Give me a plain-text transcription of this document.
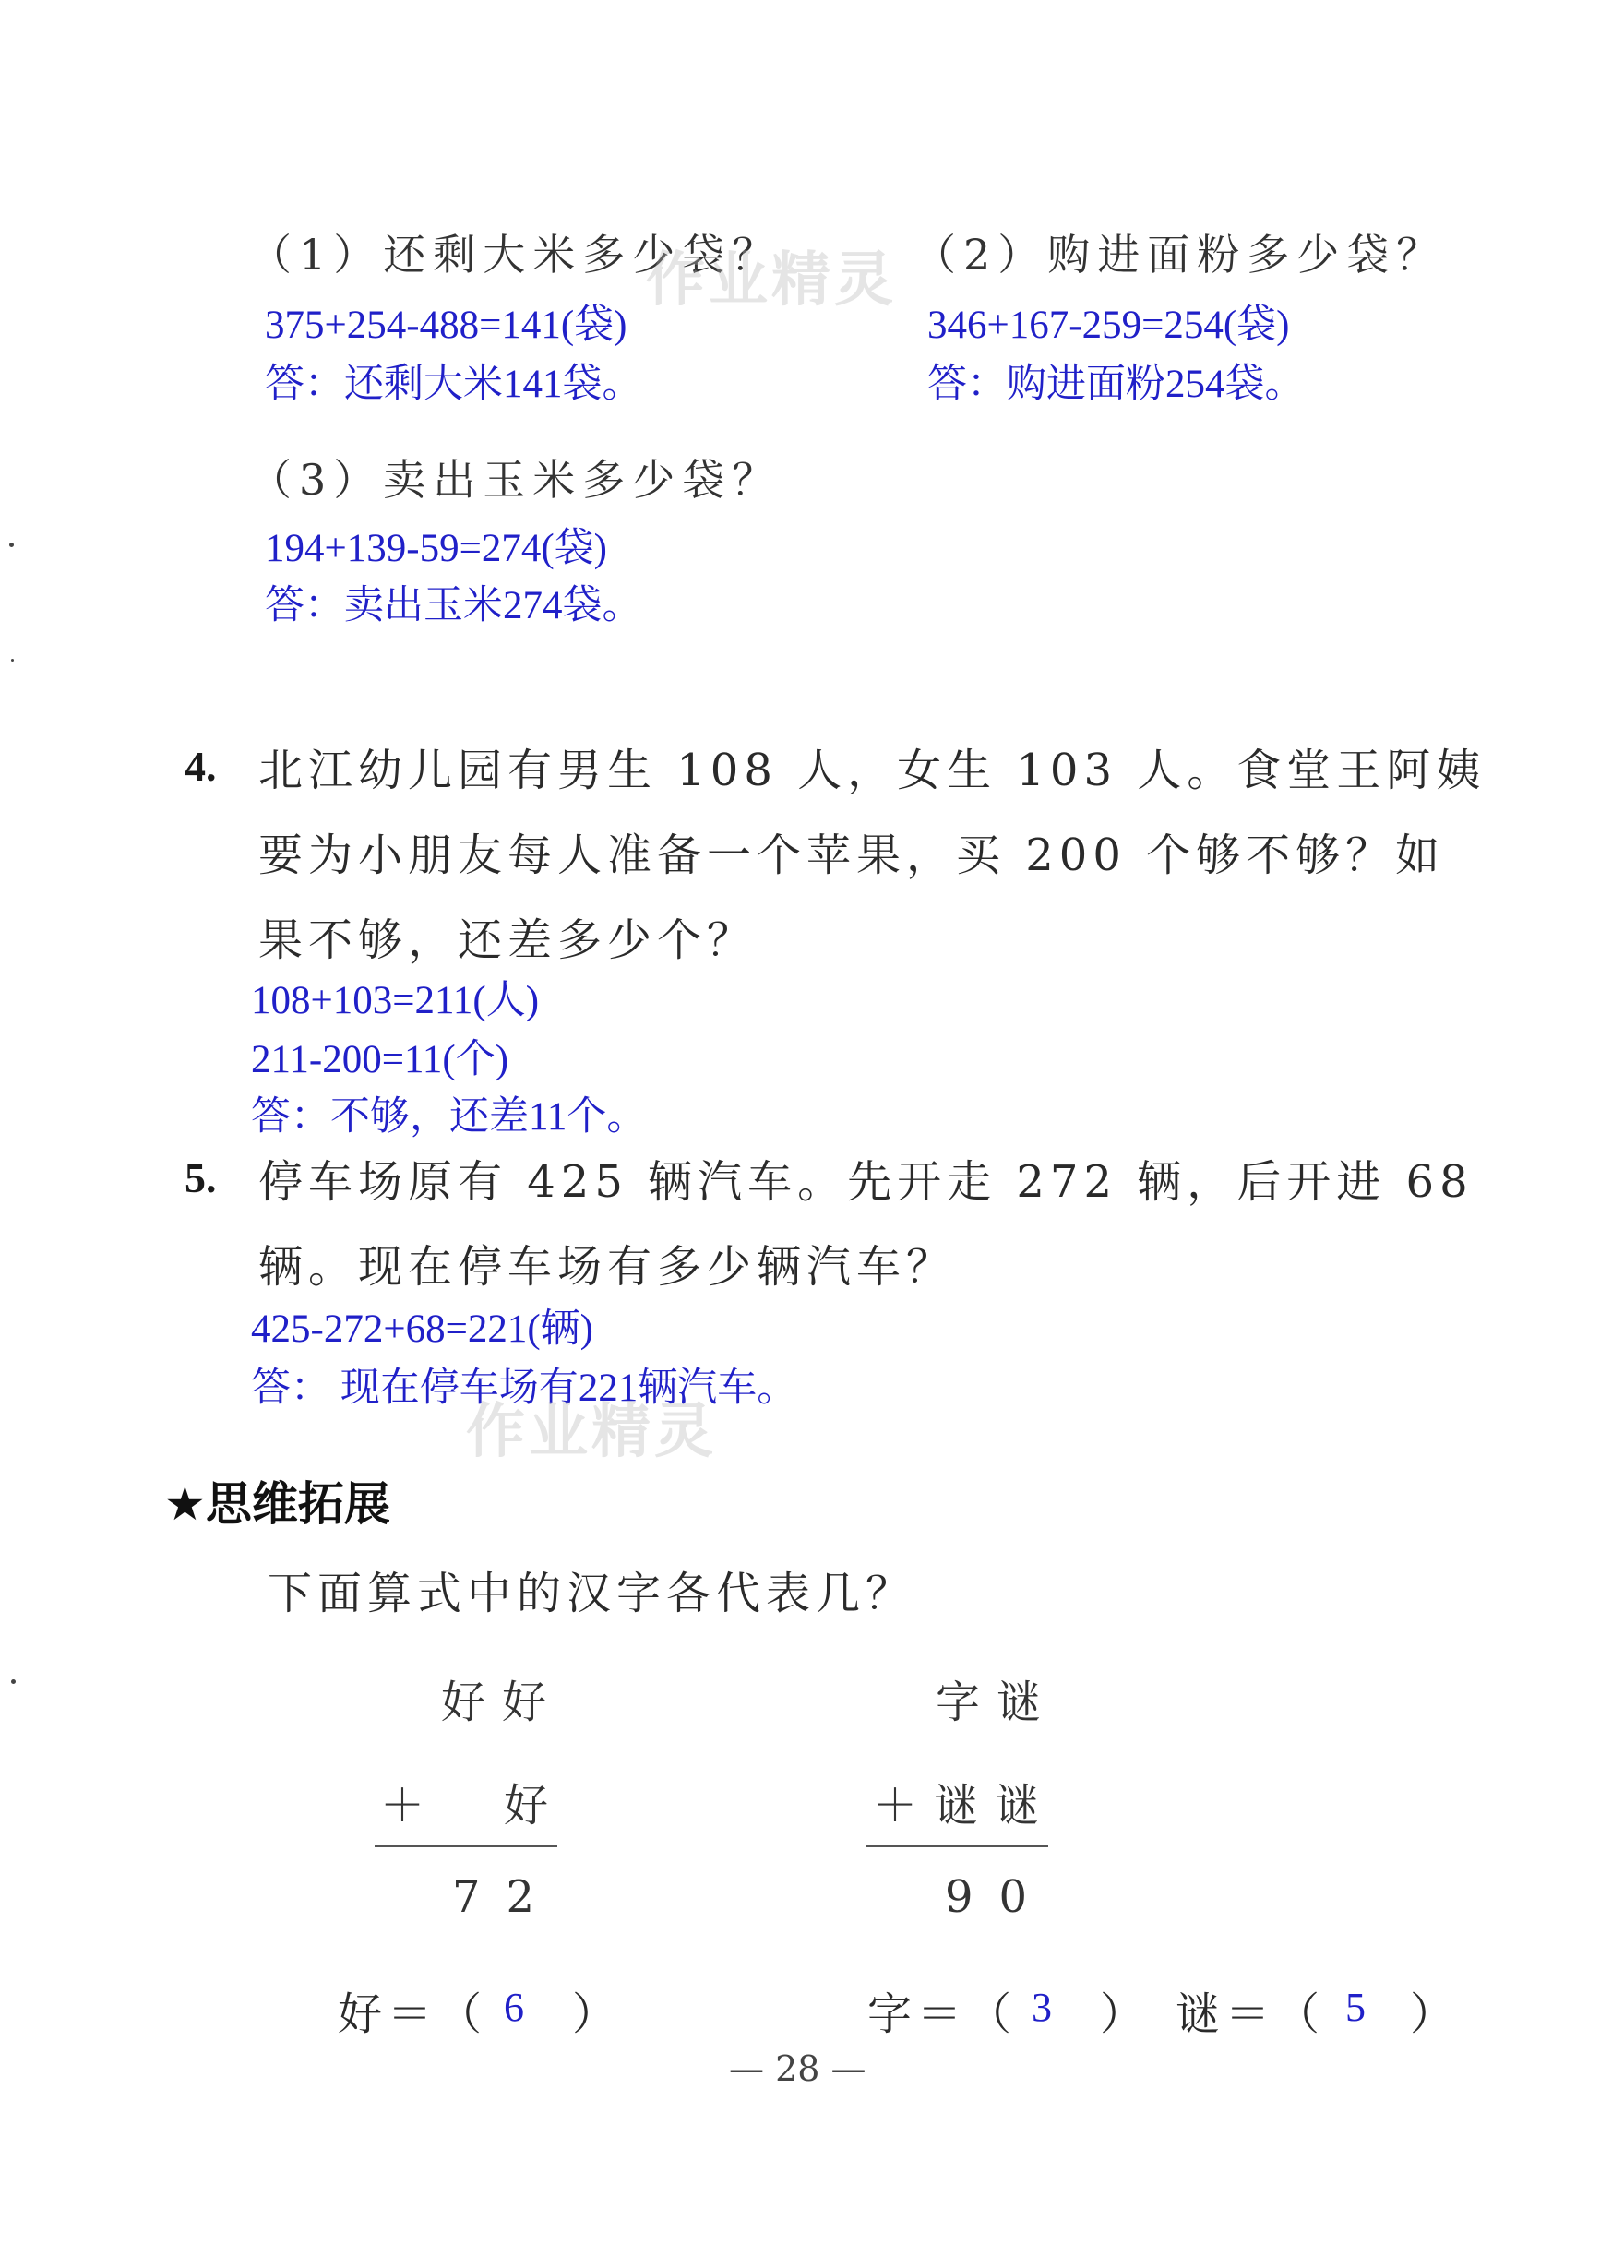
（1）还剩大米多少袋？
375+254-488=141(袋)
答：还剩大米141袋。
（2）购进面粉多少袋？
346+167-259=254(袋)
答：购进面粉254袋。
（3）卖出玉米多少袋？
194+139-59=274(袋)
答：卖出玉米274袋。
4. 北江幼儿园有男生 108 人，女生 103 人。食堂王阿姨
要为小朋友每人准备一个苹果，买 200 个够不够？如
果不够，还差多少个？
108+103=211(人)
211-200=11(个)
答：不够，还差11个。
5. 停车场原有 425 辆汽车。先开走 272 辆，后开进 68
辆。现在停车场有多少辆汽车？
425-272+68=221(辆)
答： 现在停车场有221辆汽车。
作业精灵
作业精灵
★思维拓展
下面算式中的汉字各代表几？
好好
＋ 好
72
好＝（ 6 ）
字谜
＋ 谜谜
90
字＝（ 3 ） 谜＝（ 5 ）
— 28 —
